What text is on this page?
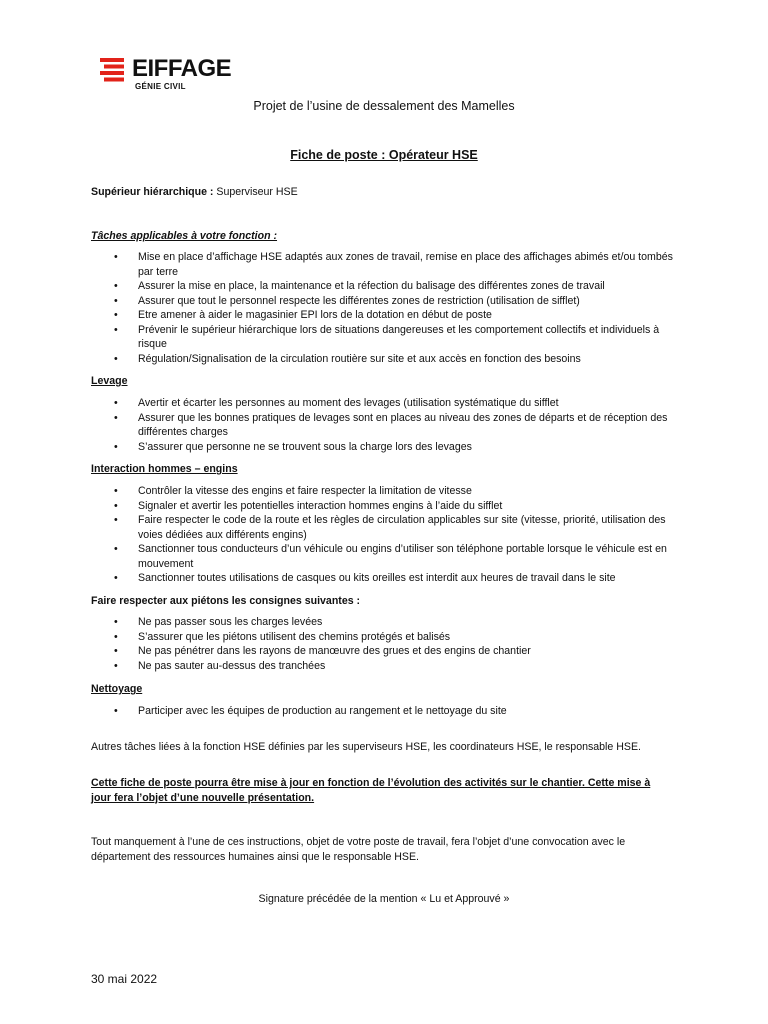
EIFFAGE
GÉNIE CIVIL
Projet de l’usine de dessalement des Mamelles
Fiche de poste : Opérateur HSE
Supérieur hiérarchique : Superviseur HSE
Tâches applicables à votre fonction :
• Mise en place d’affichage HSE adaptés aux zones de travail, remise en place des affichages abimés et/ou tombés par terre
• Assurer la mise en place, la maintenance et la réfection du balisage des différentes zones de travail
• Assurer que tout le personnel respecte les différentes zones de restriction (utilisation de sifflet)
• Etre amener à aider le magasinier EPI lors de la dotation en début de poste
• Prévenir le supérieur hiérarchique lors de situations dangereuses et les comportement collectifs et individuels à risque
• Régulation/Signalisation de la circulation routière sur site et aux accès en fonction des besoins
Levage
• Avertir et écarter les personnes au moment des levages (utilisation systématique du sifflet
• Assurer que les bonnes pratiques de levages sont en places au niveau des zones de départs et de réception des différentes charges
• S’assurer que personne ne se trouvent sous la charge lors des levages
Interaction hommes – engins
• Contrôler la vitesse des engins et faire respecter la limitation de vitesse
• Signaler et avertir les potentielles interaction hommes engins à l’aide du sifflet
• Faire respecter le code de la route et les règles de circulation applicables sur site (vitesse, priorité, utilisation des voies dédiées aux différents engins)
• Sanctionner tous conducteurs d’un véhicule ou engins d’utiliser son téléphone portable lorsque le véhicule est en mouvement
• Sanctionner toutes utilisations de casques ou kits oreilles est interdit aux heures de travail dans le site
Faire respecter aux piétons les consignes suivantes :
• Ne pas passer sous les charges levées
• S’assurer que les piétons utilisent des chemins protégés et balisés
• Ne pas pénétrer dans les rayons de manœuvre des grues et des engins de chantier
• Ne pas sauter au-dessus des tranchées
Nettoyage
• Participer avec les équipes de production au rangement et le nettoyage du site
Autres tâches liées à la fonction HSE définies par les superviseurs HSE, les coordinateurs HSE, le responsable HSE.
Cette fiche de poste pourra être mise à jour en fonction de l’évolution des activités sur le chantier. Cette mise à jour fera l’objet d’une nouvelle présentation.
Tout manquement à l’une de ces instructions, objet de votre poste de travail, fera l’objet d’une convocation avec le département des ressources humaines ainsi que le responsable HSE.
Signature précédée de la mention « Lu et Approuvé »
30 mai 2022
